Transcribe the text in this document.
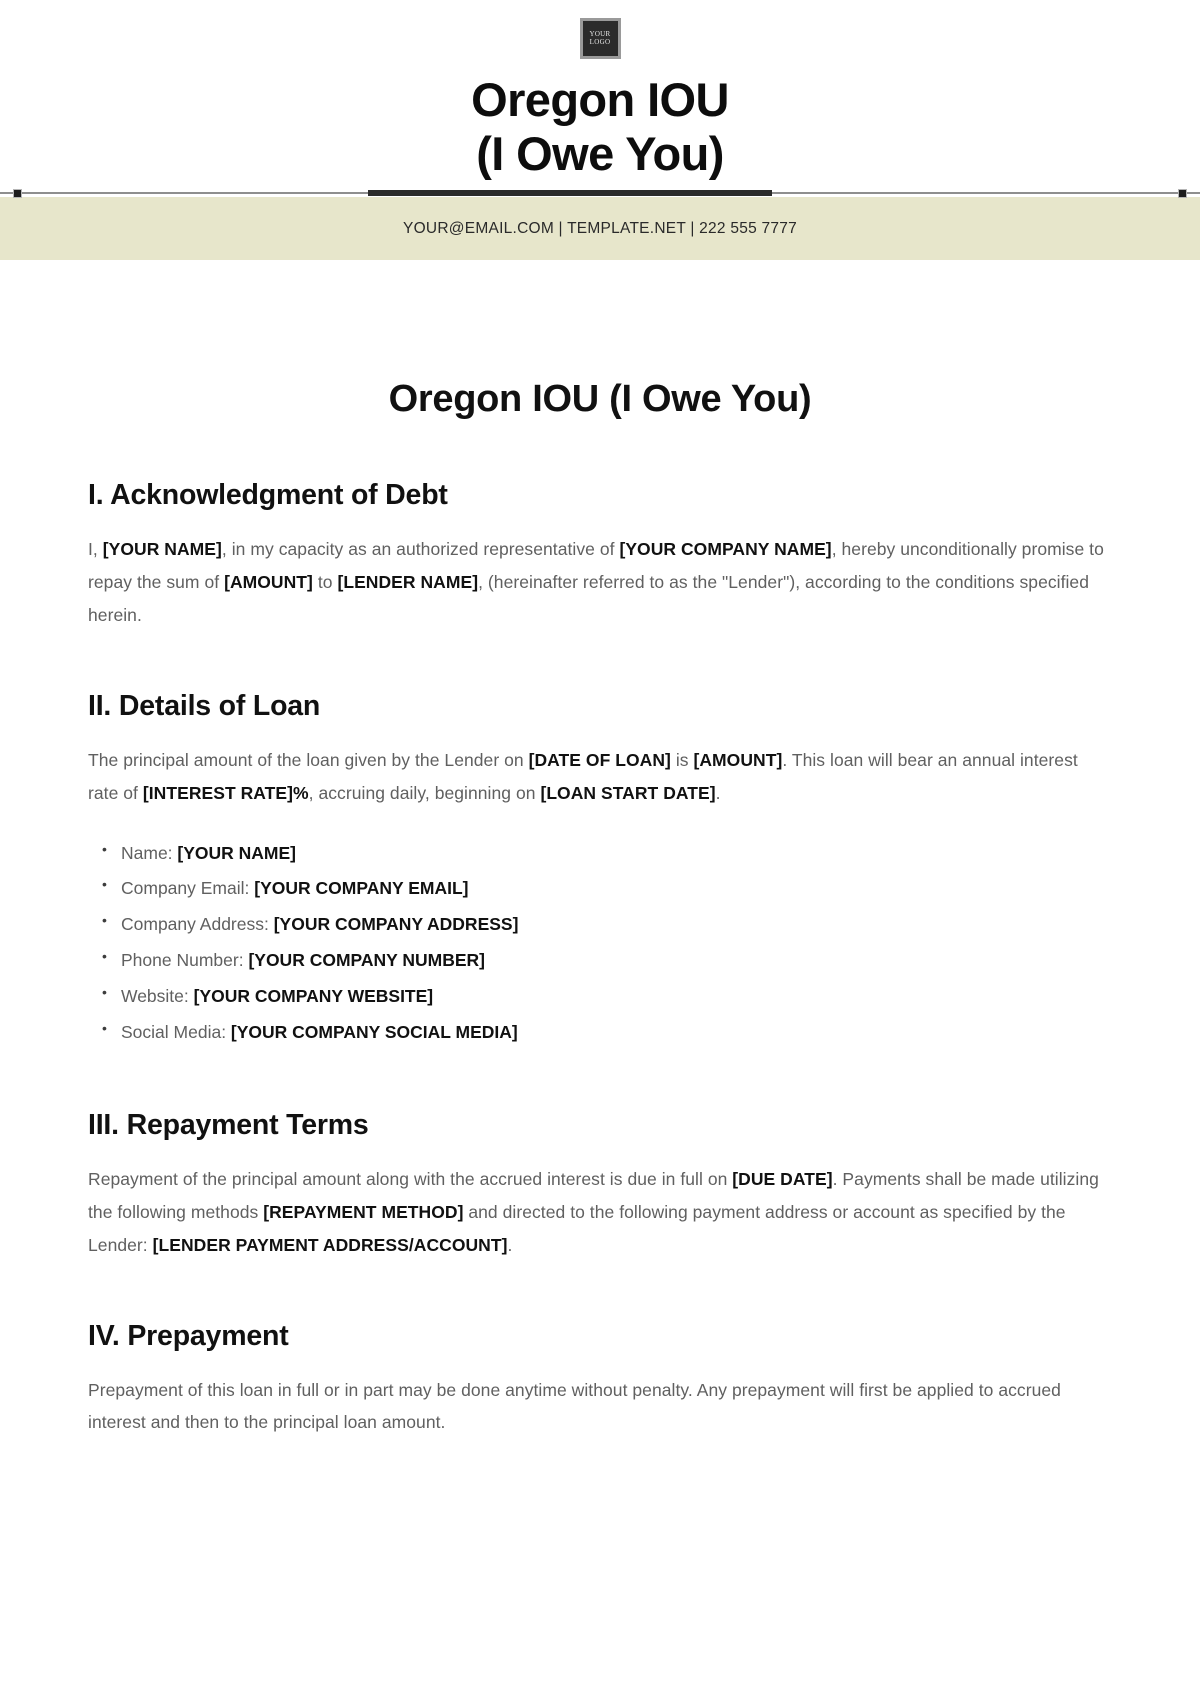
YOUR
LOGO
Oregon IOU
(I Owe You)
YOUR@EMAIL.COM | TEMPLATE.NET | 222 555 7777
Oregon IOU (I Owe You)
I. Acknowledgment of Debt

I, [YOUR NAME], in my capacity as an authorized representative of [YOUR COMPANY NAME], hereby unconditionally promise to repay the sum of [AMOUNT] to [LENDER NAME], (hereinafter referred to as the "Lender"), according to the conditions specified herein.

II. Details of Loan

The principal amount of the loan given by the Lender on [DATE OF LOAN] is [AMOUNT]. This loan will bear an annual interest rate of [INTEREST RATE]%, accruing daily, beginning on [LOAN START DATE].

• Name: [YOUR NAME]
• Company Email: [YOUR COMPANY EMAIL]
• Company Address: [YOUR COMPANY ADDRESS]
• Phone Number: [YOUR COMPANY NUMBER]
• Website: [YOUR COMPANY WEBSITE]
• Social Media: [YOUR COMPANY SOCIAL MEDIA]
III. Repayment Terms

Repayment of the principal amount along with the accrued interest is due in full on [DUE DATE]. Payments shall be made utilizing the following methods [REPAYMENT METHOD] and directed to the following payment address or account as specified by the Lender: [LENDER PAYMENT ADDRESS/ACCOUNT].

IV. Prepayment

Prepayment of this loan in full or in part may be done anytime without penalty. Any prepayment will first be applied to accrued interest and then to the principal loan amount.
